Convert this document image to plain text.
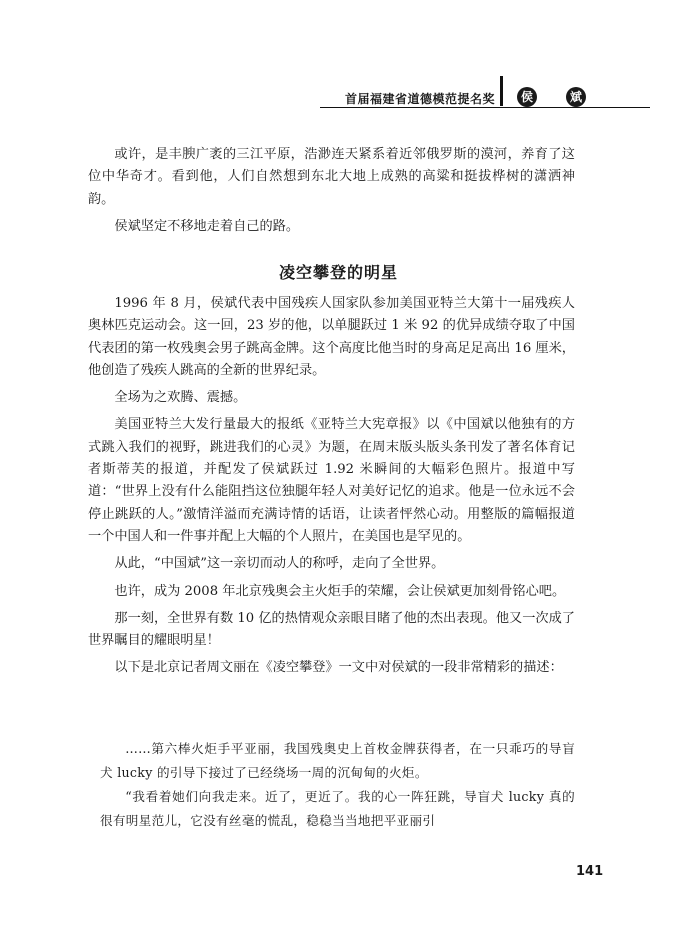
首届福建省道德模范提名奖	侯	斌

或许，是丰腴广袤的三江平原，浩渺连天紧系着近邻俄罗斯的漠河，养育了这位中华奇才。看到他，人们自然想到东北大地上成熟的高粱和挺拔桦树的潇洒神韵。

侯斌坚定不移地走着自己的路。

凌空攀登的明星

1996 年 8 月，侯斌代表中国残疾人国家队参加美国亚特兰大第十一届残疾人奥林匹克运动会。这一回，23 岁的他，以单腿跃过 1 米 92 的优异成绩夺取了中国代表团的第一枚残奥会男子跳高金牌。这个高度比他当时的身高足足高出 16 厘米，他创造了残疾人跳高的全新的世界纪录。

全场为之欢腾、震撼。

美国亚特兰大发行量最大的报纸《亚特兰大宪章报》以《中国斌以他独有的方式跳入我们的视野，跳进我们的心灵》为题，在周末版头版头条刊发了著名体育记者斯蒂芙的报道，并配发了侯斌跃过 1.92 米瞬间的大幅彩色照片。报道中写道：“世界上没有什么能阻挡这位独腿年轻人对美好记忆的追求。他是一位永远不会停止跳跃的人。”激情洋溢而充满诗情的话语，让读者怦然心动。用整版的篇幅报道一个中国人和一件事并配上大幅的个人照片，在美国也是罕见的。

从此，“中国斌”这一亲切而动人的称呼，走向了全世界。

也许，成为 2008 年北京残奥会主火炬手的荣耀，会让侯斌更加刻骨铭心吧。

那一刻，全世界有数 10 亿的热情观众亲眼目睹了他的杰出表现。他又一次成了世界瞩目的耀眼明星！

以下是北京记者周文丽在《凌空攀登》一文中对侯斌的一段非常精彩的描述：

……第六棒火炬手平亚丽，我国残奥史上首枚金牌获得者，在一只乖巧的导盲犬 lucky 的引导下接过了已经绕场一周的沉甸甸的火炬。

“我看着她们向我走来。近了，更近了。我的心一阵狂跳，导盲犬 lucky 真的很有明星范儿，它没有丝毫的慌乱，稳稳当当地把平亚丽引

141
